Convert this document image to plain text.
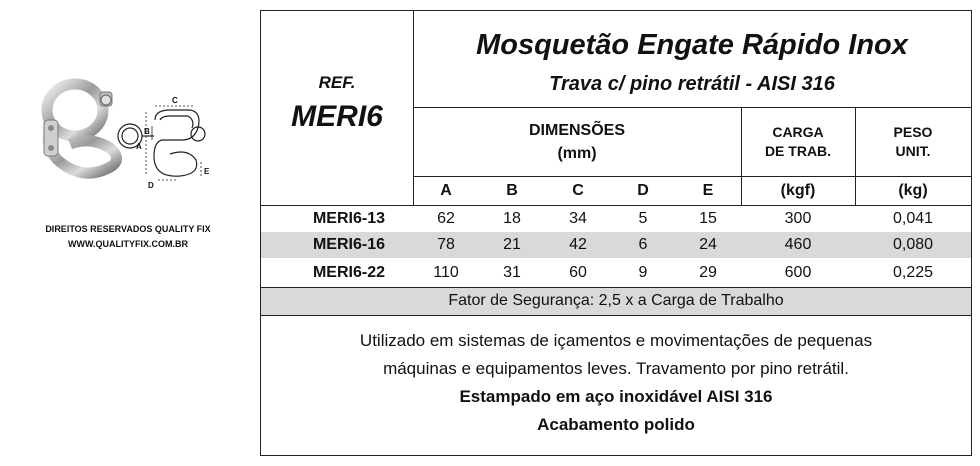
C
A
B
D
E
DIREITOS RESERVADOS QUALITY FIX
WWW.QUALITYFIX.COM.BR
REF.
MERI6
Mosquetão Engate Rápido Inox
Trava c/ pino retrátil - AISI 316
DIMENSÕES
(mm)
CARGA
DE TRAB.
PESO
UNIT.
A	B	C	D	E	(kgf)	(kg)
MERI6-13	62	18	34	5	15	300	0,041
MERI6-16	78	21	42	6	24	460	0,080
MERI6-22	110	31	60	9	29	600	0,225
Fator de Segurança: 2,5 x a Carga de Trabalho
Utilizado em sistemas de içamentos e movimentações de pequenas
máquinas e equipamentos leves. Travamento por pino retrátil.
Estampado em aço inoxidável AISI 316
Acabamento polido
